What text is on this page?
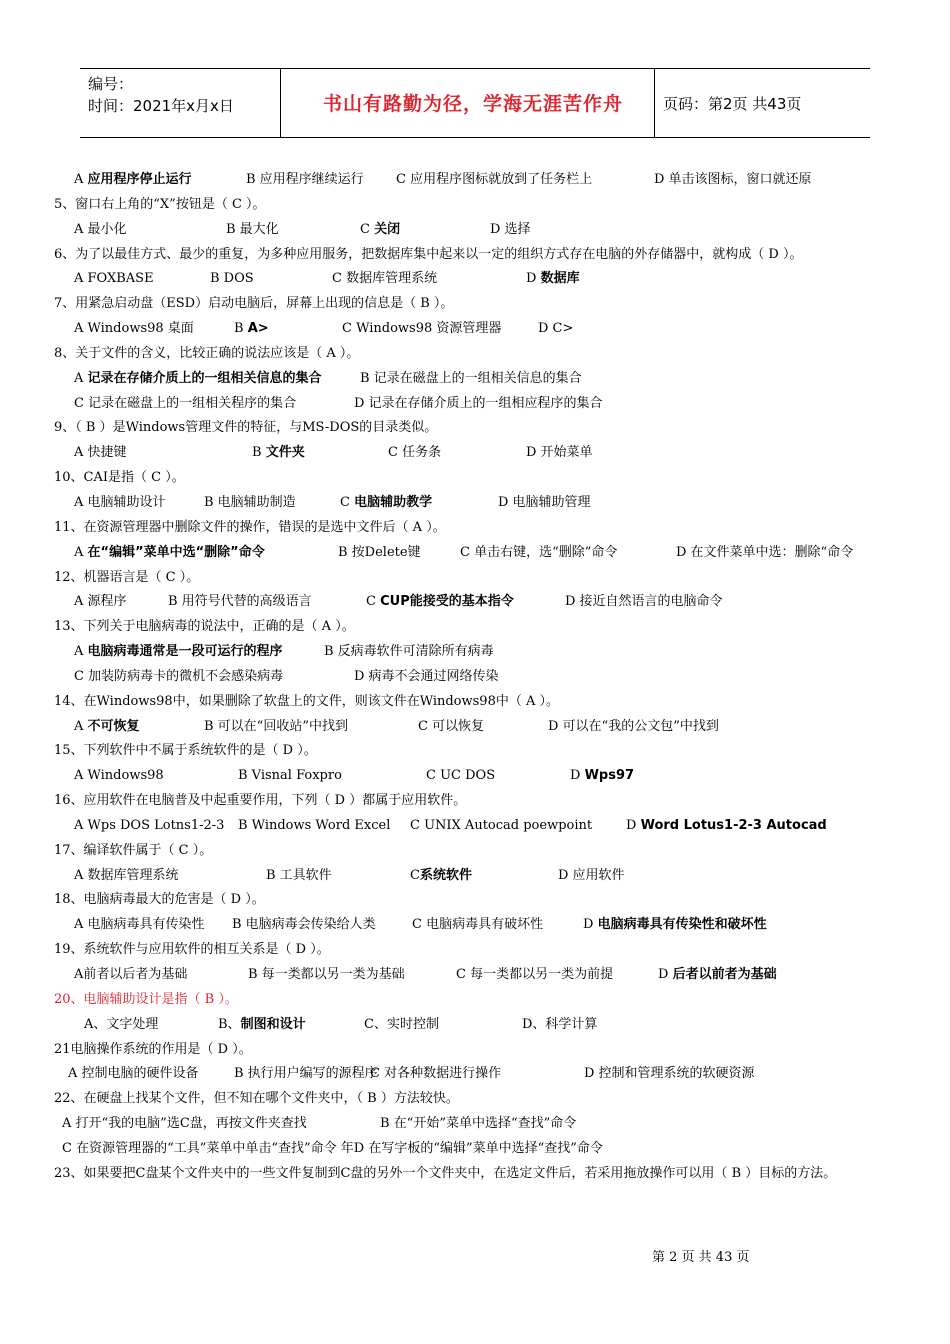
编号：
时间：2021年x月x日	书山有路勤为径，学海无涯苦作舟	页码：第2页 共43页
A 应用程序停止运行	B 应用程序继续运行 C 应用程序图标就放到了任务栏上	D 单击该图标，窗口就还原
5、窗口右上角的“X”按钮是（ C ）。
A 最小化	B 最大化	C 关闭	D 选择
6、为了以最佳方式、最少的重复，为多种应用服务，把数据库集中起来以一定的组织方式存在电脑的外存储器中，就构成（ D ）。
A FOXBASE	B DOS	C 数据库管理系统	D 数据库
7、用紧急启动盘（ESD）启动电脑后，屏幕上出现的信息是（ B ）。
A Windows98 桌面	B A>	C Windows98 资源管理器	D C>
8、关于文件的含义，比较正确的说法应该是（ A ）。
A 记录在存储介质上的一组相关信息的集合	B 记录在磁盘上的一组相关信息的集合
C 记录在磁盘上的一组相关程序的集合	D 记录在存储介质上的一组相应程序的集合
9、（ B ）是Windows管理文件的特征，与MS-DOS的目录类似。
A 快捷键	B 文件夹	C 任务条	D 开始菜单
10、CAI是指（ C ）。
A 电脑辅助设计	B 电脑辅助制造	C 电脑辅助教学	D 电脑辅助管理
11、在资源管理器中删除文件的操作，错误的是选中文件后（ A ）。
A 在“编辑”菜单中选“删除”命令	B 按Delete键	C 单击右键，选“删除”命令	D 在文件菜单中选：删除“命令
12、机器语言是（ C ）。
A 源程序	B 用符号代替的高级语言	C CUP能接受的基本指令	D 接近自然语言的电脑命令
13、下列关于电脑病毒的说法中，正确的是（ A ）。
A 电脑病毒通常是一段可运行的程序	B 反病毒软件可清除所有病毒
C 加装防病毒卡的微机不会感染病毒	D 病毒不会通过网络传染
14、在Windows98中，如果删除了软盘上的文件，则该文件在Windows98中（ A ）。
A 不可恢复	B 可以在“回收站”中找到	C 可以恢复	D 可以在“我的公文包”中找到
15、下列软件中不属于系统软件的是（ D ）。
A Windows98	B Visnal Foxpro	C UC DOS	D Wps97
16、应用软件在电脑普及中起重要作用，下列（ D ）都属于应用软件。
A Wps DOS Lotns1-2-3 B Windows Word Excel C UNIX Autocad poewpoint	D Word Lotus1-2-3 Autocad
17、编译软件属于（ C ）。
A 数据库管理系统	B 工具软件	C系统软件	D 应用软件
18、电脑病毒最大的危害是（ D ）。
A 电脑病毒具有传染性 B 电脑病毒会传染给人类	C 电脑病毒具有破坏性	D 电脑病毒具有传染性和破坏性
19、系统软件与应用软件的相互关系是（ D ）。
A前者以后者为基础	B 每一类都以另一类为基础	C 每一类都以另一类为前提	D 后者以前者为基础
20、电脑辅助设计是指（ B ）。
A、文字处理	B、制图和设计	C、实时控制	D、科学计算
21电脑操作系统的作用是（ D ）。
A 控制电脑的硬件设备	B 执行用户编写的源程序
C 对各种数据进行操作	D 控制和管理系统的软硬资源
22、在硬盘上找某个文件，但不知在哪个文件夹中，（ B ）方法较快。
A 打开“我的电脑”选C盘，再按文件夹查找	B 在“开始”菜单中选择“查找”命令
C 在资源管理器的“工具”菜单中单击“查找”命令 年D 在写字板的“编辑”菜单中选择“查找”命令
23、如果要把C盘某个文件夹中的一些文件复制到C盘的另外一个文件夹中，在选定文件后，若采用拖放操作可以用（ B ）目标的方法。
第 2 页 共 43 页
